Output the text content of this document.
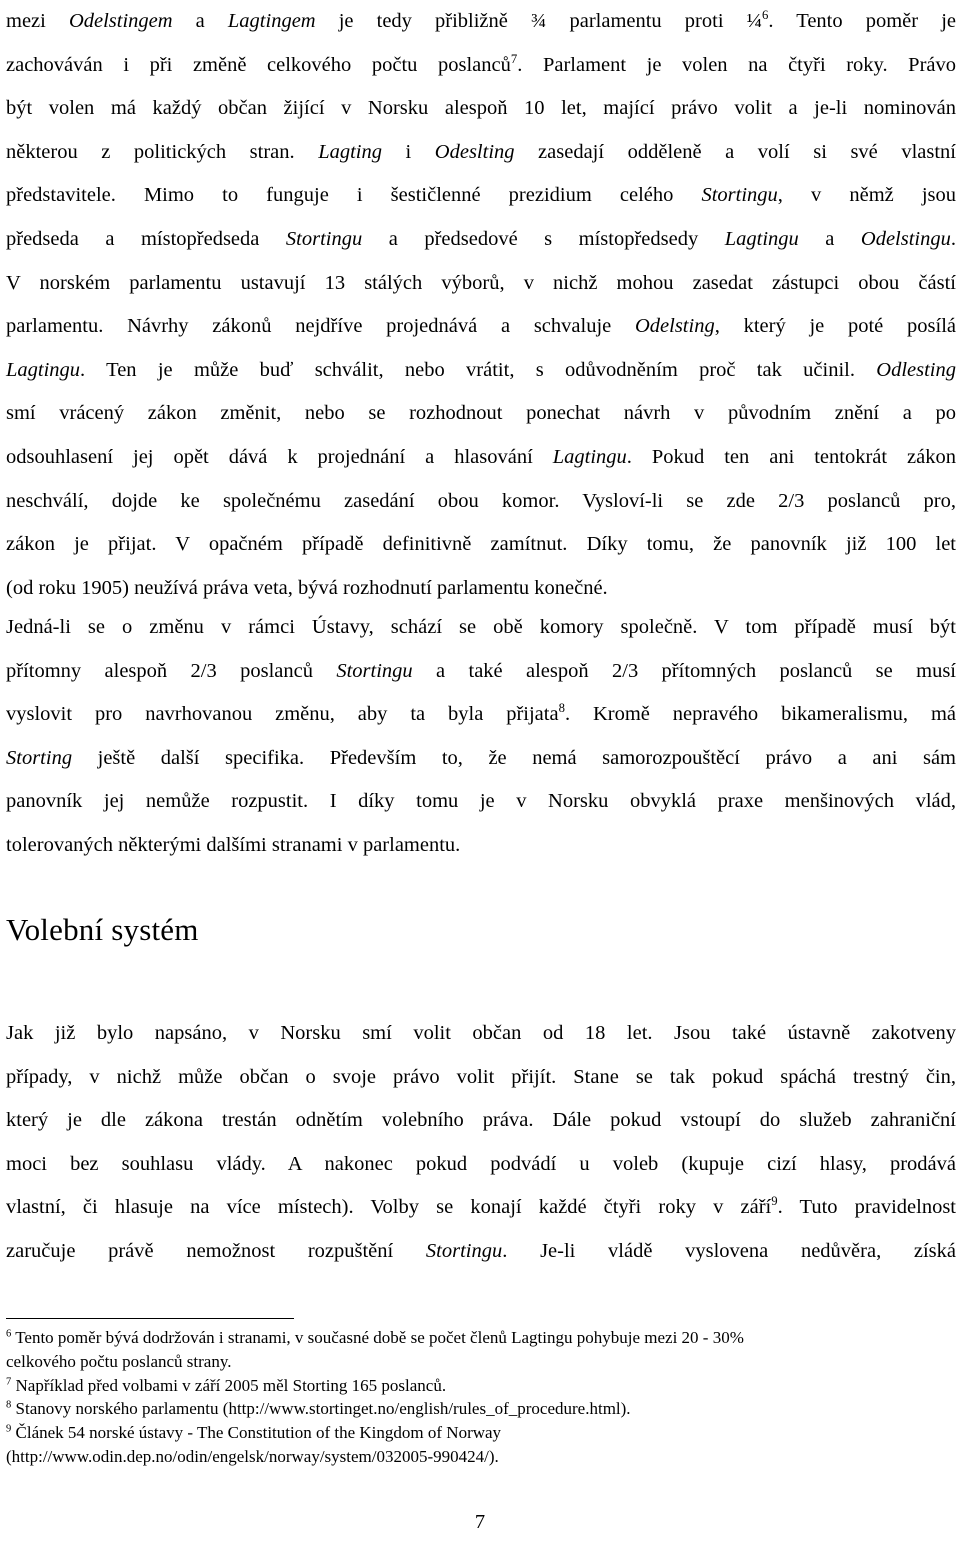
mezi Odelstingem a Lagtingem je tedy přibližně ¾ parlamentu proti ¼$^6$. Tento poměr je
zachováván i při změně celkového počtu poslanců$^7$. Parlament je volen na čtyři roky. Právo
být volen má každý občan žijící v Norsku alespoň 10 let, mající právo volit a je-li nominován
některou z politických stran. Lagting i Odeslting zasedají odděleně a volí si své vlastní
představitele. Mimo to funguje i šestičlenné prezidium celého Stortingu, v němž jsou
předseda a místopředseda Stortingu a předsedové s místopředsedy Lagtingu a Odelstingu.
V norském parlamentu ustavují 13 stálých výborů, v nichž mohou zasedat zástupci obou částí
parlamentu. Návrhy zákonů nejdříve projednává a schvaluje Odelsting, který je poté posílá
Lagtingu. Ten je může buď schválit, nebo vrátit, s odůvodněním proč tak učinil. Odlesting
smí vrácený zákon změnit, nebo se rozhodnout ponechat návrh v původním znění a po
odsouhlasení jej opět dává k projednání a hlasování Lagtingu. Pokud ten ani tentokrát zákon
neschválí, dojde ke společnému zasedání obou komor. Vysloví-li se zde 2/3 poslanců pro,
zákon je přijat. V opačném případě definitivně zamítnut. Díky tomu, že panovník již 100 let
(od roku 1905) neužívá práva veta, bývá rozhodnutí parlamentu konečné.
Jedná-li se o změnu v rámci Ústavy, schází se obě komory společně. V tom případě musí být
přítomny alespoň 2/3 poslanců Stortingu a také alespoň 2/3 přítomných poslanců se musí
vyslovit pro navrhovanou změnu, aby ta byla přijata$^8$. Kromě nepravého bikameralismu, má
Storting ještě další specifika. Především to, že nemá samorozpouštěcí právo a ani sám
panovník jej nemůže rozpustit. I díky tomu je v Norsku obvyklá praxe menšinových vlád,
tolerovaných některými dalšími stranami v parlamentu.
Volební systém
Jak již bylo napsáno, v Norsku smí volit občan od 18 let. Jsou také ústavně zakotveny
případy, v nichž může občan o svoje právo volit přijít. Stane se tak pokud spáchá trestný čin,
který je dle zákona trestán odnětím volebního práva. Dále pokud vstoupí do služeb zahraniční
moci bez souhlasu vlády. A nakonec pokud podvádí u voleb (kupuje cizí hlasy, prodává
vlastní, či hlasuje na více místech). Volby se konají každé čtyři roky v září$^9$. Tuto pravidelnost
zaručuje právě nemožnost rozpuštění Stortingu. Je-li vládě vyslovena nedůvěra, získá
$^6$ Tento poměr bývá dodržován i stranami, v současné době se počet členů Lagtingu pohybuje mezi 20 - 30%
celkového počtu poslanců strany.
$^7$ Například před volbami v září 2005 měl Storting 165 poslanců.
$^8$ Stanovy norského parlamentu (http://www.stortinget.no/english/rules_of_procedure.html).
$^9$ Článek 54 norské ústavy - The Constitution of the Kingdom of Norway
(http://www.odin.dep.no/odin/engelsk/norway/system/032005-990424/).
7
